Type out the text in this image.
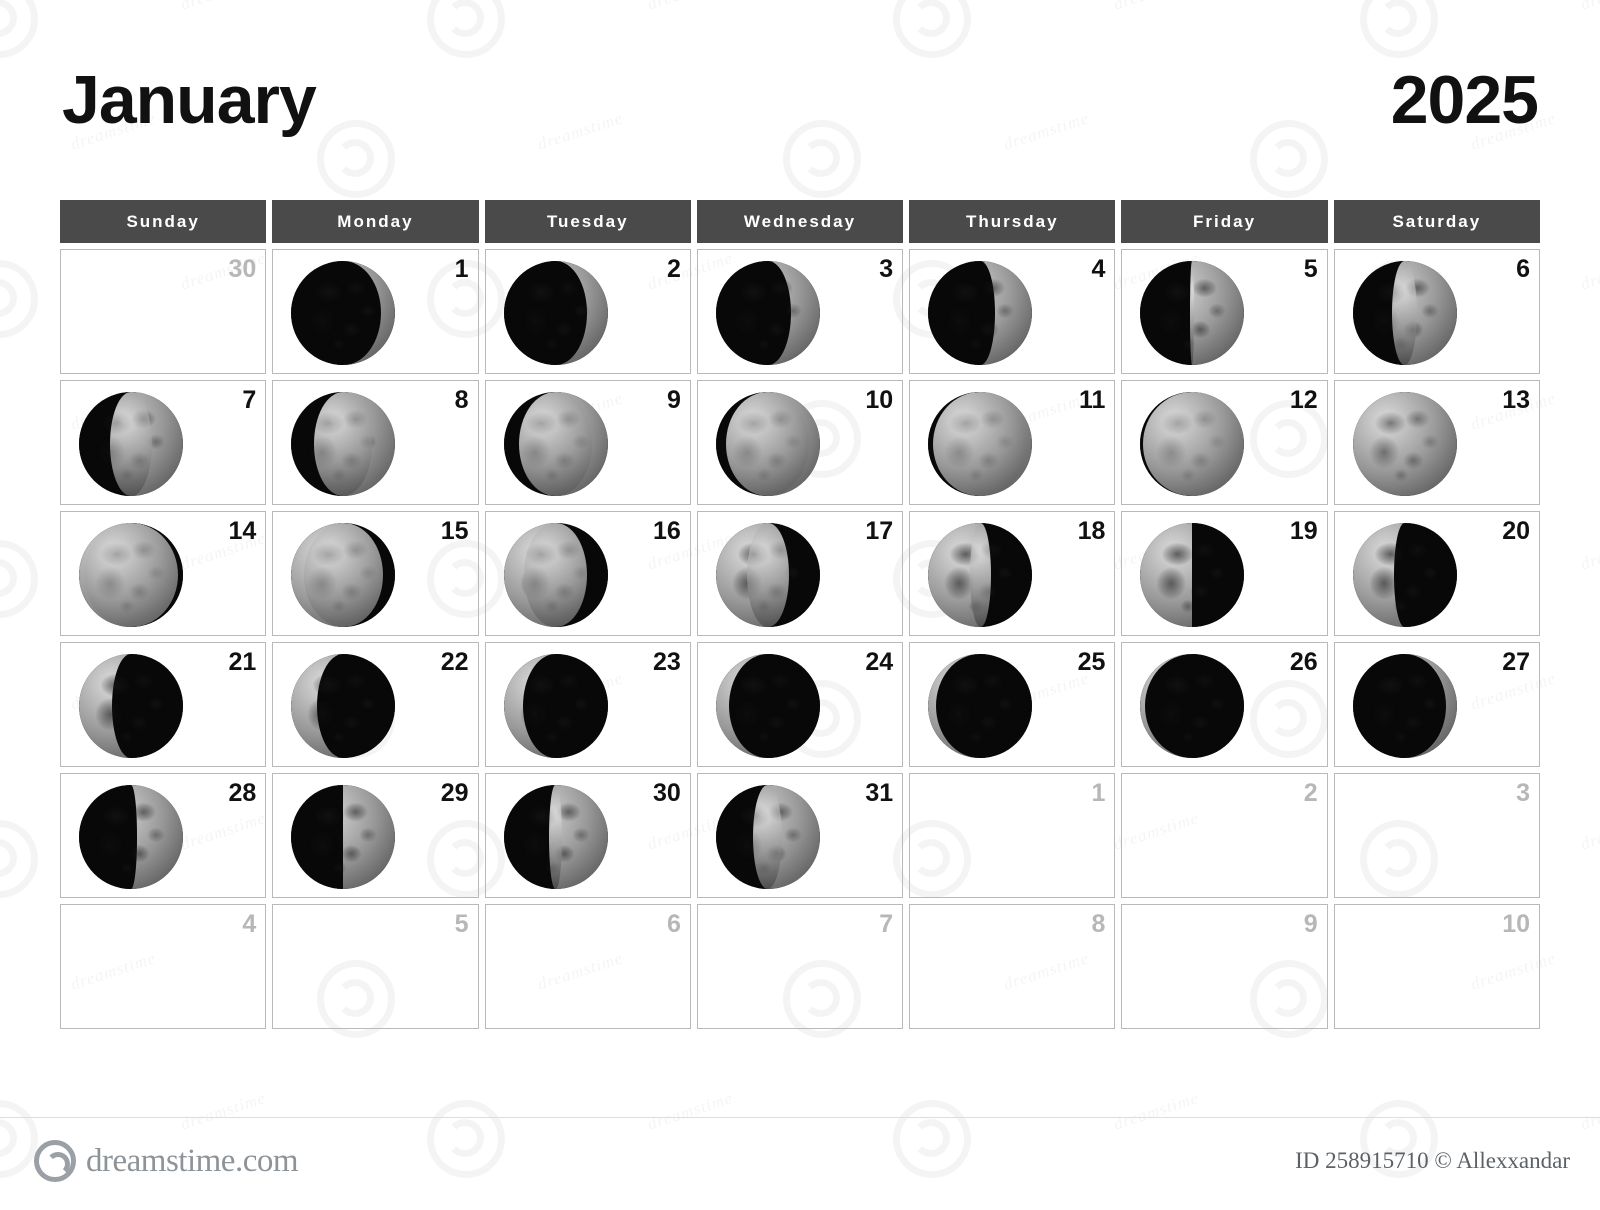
January	2025
Sunday	Monday	Tuesday	Wednesday	Thursday	Friday	Saturday
30	1	2	3	4	5	6
7	8	9	10	11	12	13
14	15	16	17	18	19	20
21	22	23	24	25	26	27
28	29	30	31	1	2	3
4	5	6	7	8	9	10
dreamstime.com	ID 258915710 © Allexxandar
